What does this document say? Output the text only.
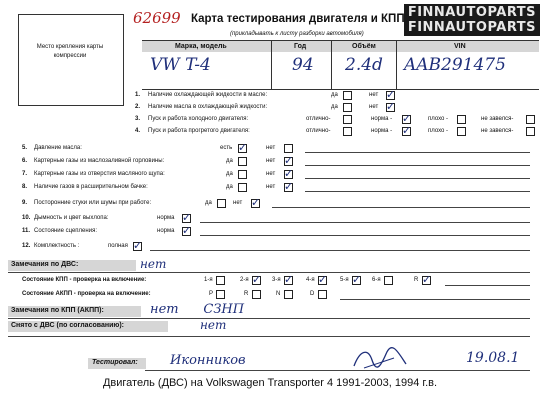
FINNAUTOPARTS
FINNAUTOPARTS
Место крепления карты компрессии
62699 Карта тестирования двигателя и КПП
(прикладывать к листу разборки автомобиля)
Марка, модель	Год	Объём	VIN
VW T-4	94 2.4d AAB291475
1. Наличие охлаждающей жидкости в масле:	да	нет ✓
2. Наличие масла в охлаждающей жидкости:	да	нет ✓
3. Пуск и работа холодного двигателя:	отлично-	норма - ✓	плохо -	не завелся-
4. Пуск и работа прогретого двигателя:	отлично-	норма - ✓	плохо -	не завелся-
5. Давление масла:	есть ✓	нет
6. Картерные газы из маслозаливной горловины:	да	нет ✓
7. Картерные газы из отверстия масляного щупа:	да	нет ✓
8. Наличие газов в расширительном бачке:	да	нет ✓
9. Посторонние стуки или шумы при работе:	да	нет ✓
10. Дымность и цвет выхлопа:	норма ✓
11. Состояние сцепления:	норма ✓
12. Комплектность :	полная ✓
Замечания по ДВС:	нет
Состояние КПП - проверка на включение:	1-я	2-я ✓ 3-я ✓ 4-я ✓ 5-я ✓ 6-я	R ✓
Состояние АКПП - проверка на включение:	P	R	N	D
Замечания по КПП (АКПП):	нет      СЗНП
Снято с ДВС (по согласованию):	нет
Тестировал: Иконников	19.08.1
Двигатель (ДВС) на Volkswagen Transporter 4 1991-2003, 1994 г.в.
